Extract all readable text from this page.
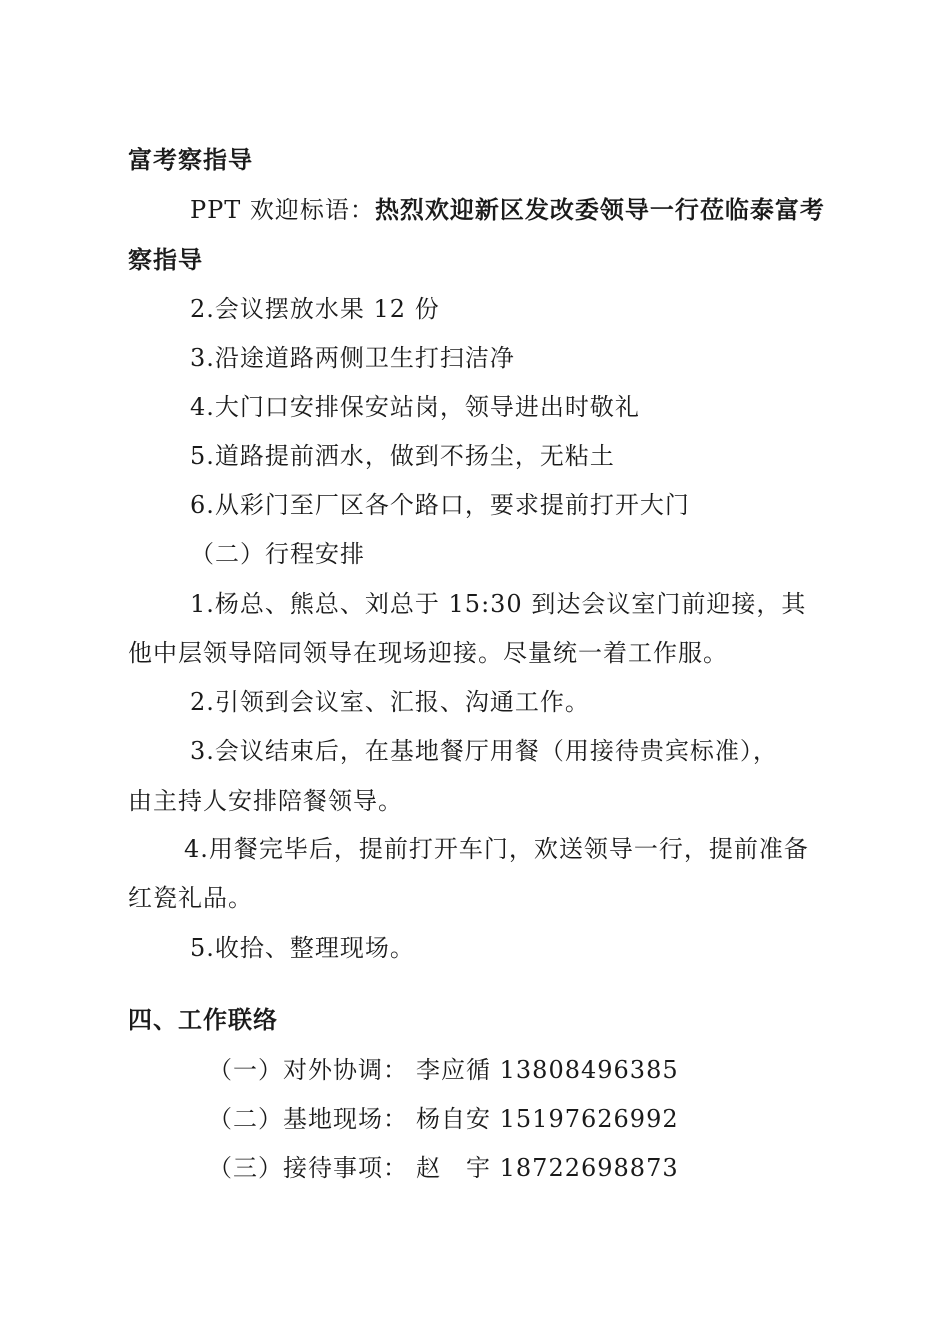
富考察指导
PPT 欢迎标语：热烈欢迎新区发改委领导一行莅临泰富考
察指导
2.会议摆放水果 12 份
3.沿途道路两侧卫生打扫洁净
4.大门口安排保安站岗，领导进出时敬礼
5.道路提前洒水，做到不扬尘，无粘土
6.从彩门至厂区各个路口，要求提前打开大门
（二）行程安排
1.杨总、熊总、刘总于 15:30 到达会议室门前迎接，其
他中层领导陪同领导在现场迎接。尽量统一着工作服。
2.引领到会议室、汇报、沟通工作。
3.会议结束后，在基地餐厅用餐（用接待贵宾标准），
由主持人安排陪餐领导。
4.用餐完毕后，提前打开车门，欢送领导一行，提前准备
红瓷礼品。
5.收拾、整理现场。
四、工作联络
（一）对外协调： 李应循 13808496385
（二）基地现场： 杨自安 15197626992
（三）接待事项： 赵　宇 18722698873
